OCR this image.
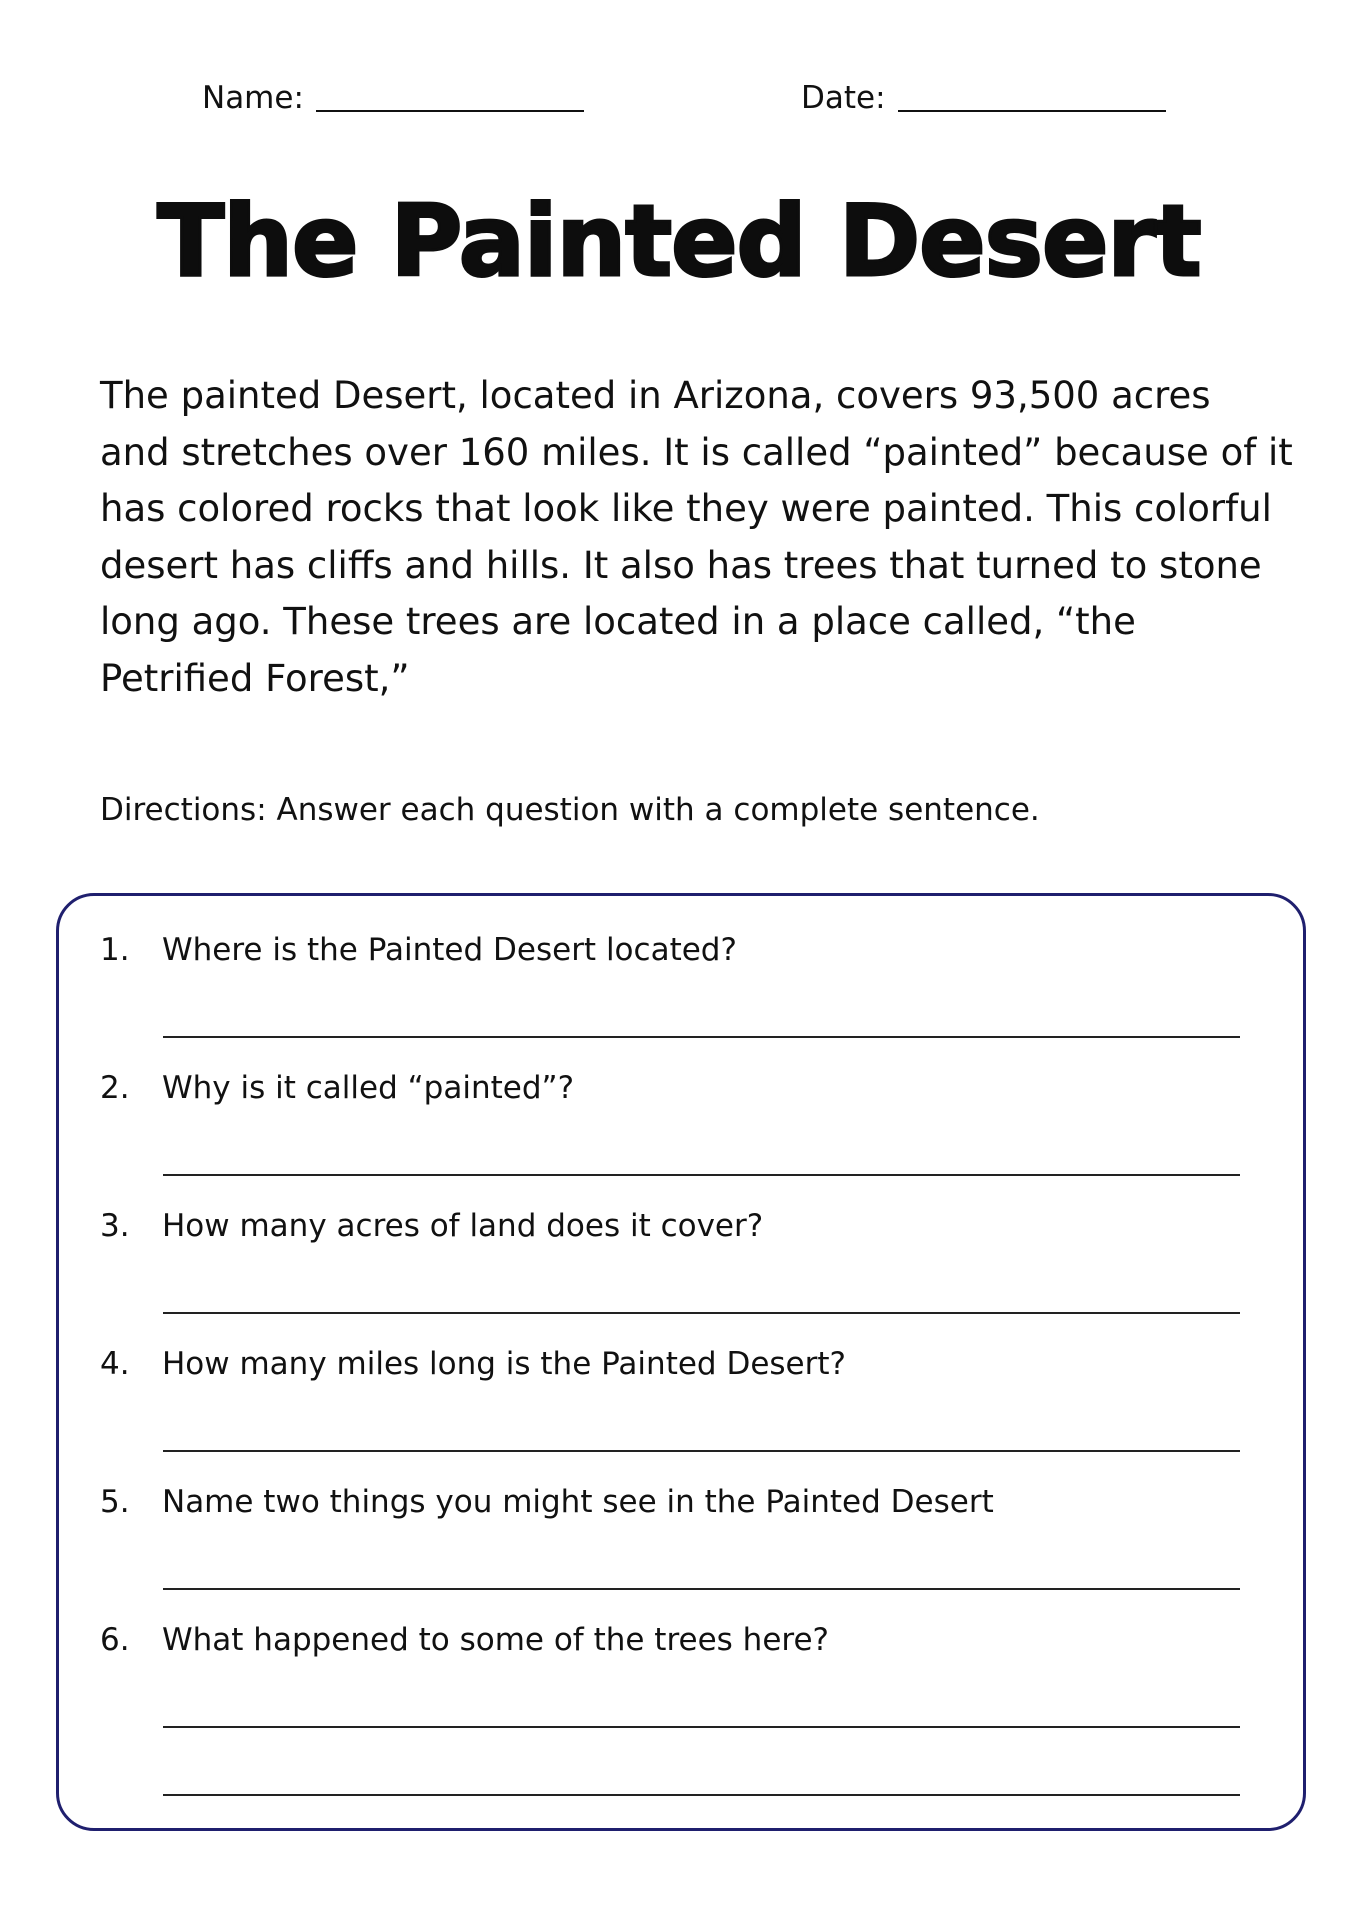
Name:	Date:
The Painted Desert
The painted Desert, located in Arizona, covers 93,500 acres
and stretches over 160 miles. It is called “painted” because of it
has colored rocks that look like they were painted. This colorful
desert has cliffs and hills. It also has trees that turned to stone
long ago. These trees are located in a place called, “the
Petrified Forest,”
Directions: Answer each question with a complete sentence.
1. Where is the Painted Desert located?
2. Why is it called “painted”?
3. How many acres of land does it cover?
4. How many miles long is the Painted Desert?
5. Name two things you might see in the Painted Desert
6. What happened to some of the trees here?
